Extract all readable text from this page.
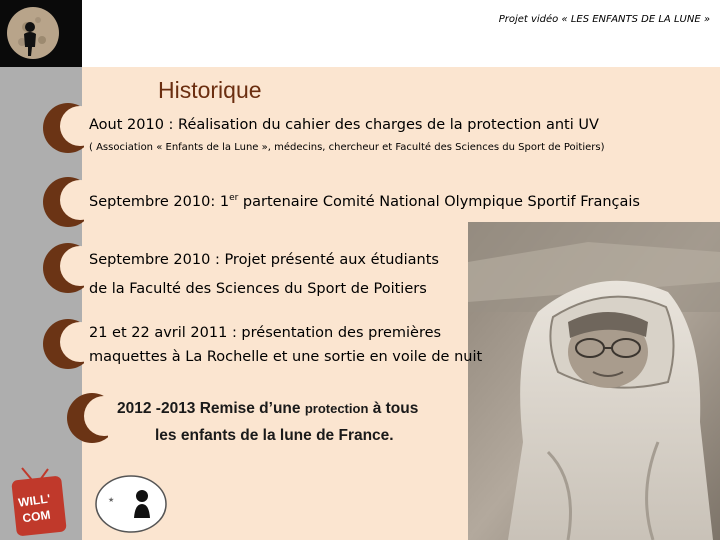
Projet vidéo « LES ENFANTS DE LA LUNE »
Historique
Aout 2010 : Réalisation du cahier des charges de la protection anti UV
( Association « Enfants de la Lune », médecins, chercheur et Faculté des Sciences du Sport de Poitiers)
Septembre 2010: 1er partenaire Comité National Olympique Sportif Français
Septembre 2010 : Projet présenté aux étudiants
de la Faculté des Sciences du Sport de Poitiers
21 et 22 avril 2011 : présentation des premières
maquettes à La Rochelle et une sortie en voile de nuit
2012 -2013 Remise d’une protection à tous
les enfants de la lune de France.
WILL'
COM
★
